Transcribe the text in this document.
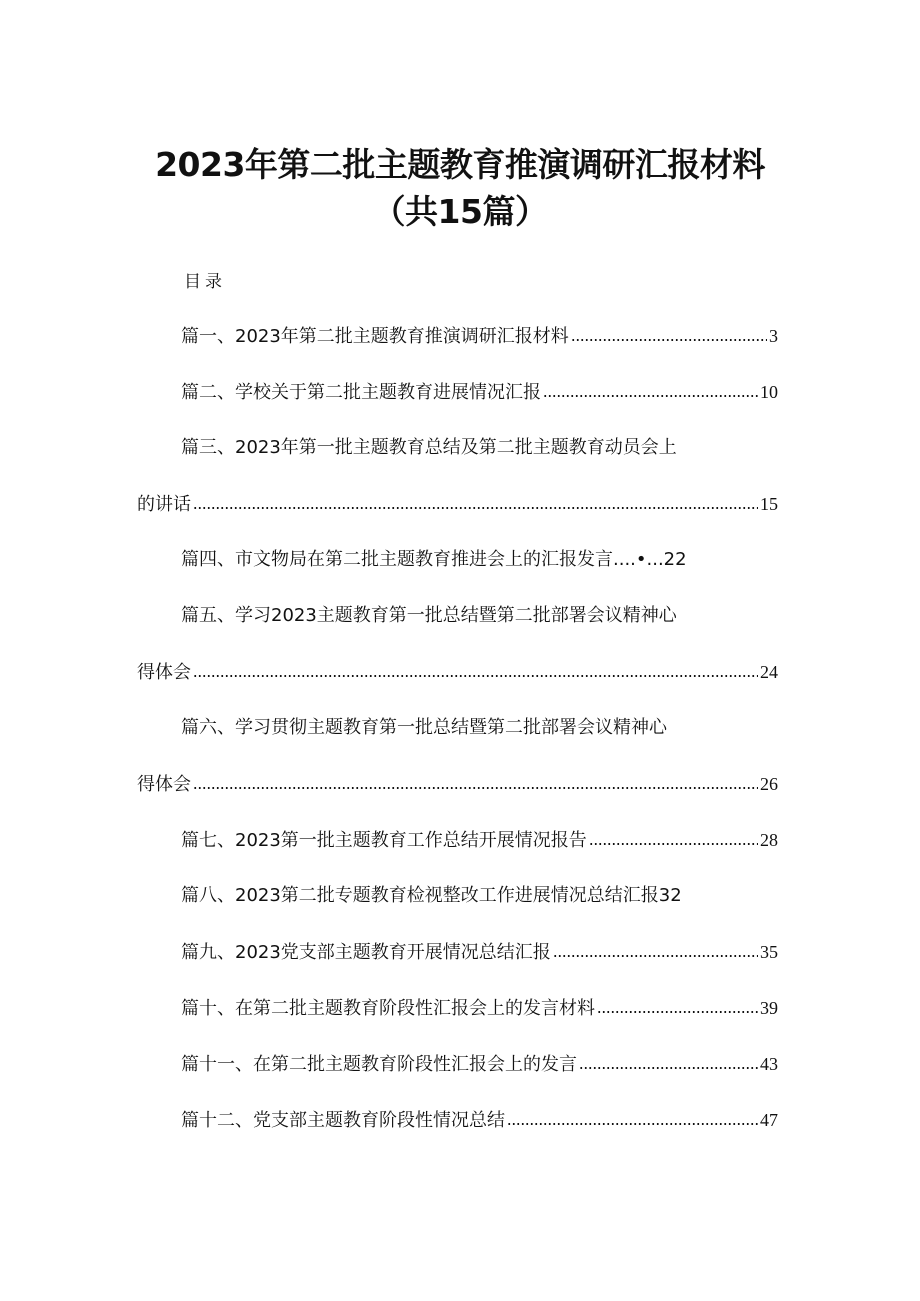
2023年第二批主题教育推演调研汇报材料
（共15篇）
目录
篇一、2023年第二批主题教育推演调研汇报材料	3
篇二、学校关于第二批主题教育进展情况汇报	10
篇三、2023年第一批主题教育总结及第二批主题教育动员会上
的讲话	15
篇四、市文物局在第二批主题教育推进会上的汇报发言....•...22
篇五、学习2023主题教育第一批总结暨第二批部署会议精神心
得体会	24
篇六、学习贯彻主题教育第一批总结暨第二批部署会议精神心
得体会	26
篇七、2023第一批主题教育工作总结开展情况报告	28
篇八、2023第二批专题教育检视整改工作进展情况总结汇报32
篇九、2023党支部主题教育开展情况总结汇报	35
篇十、在第二批主题教育阶段性汇报会上的发言材料	39
篇十一、在第二批主题教育阶段性汇报会上的发言	43
篇十二、党支部主题教育阶段性情况总结	47
